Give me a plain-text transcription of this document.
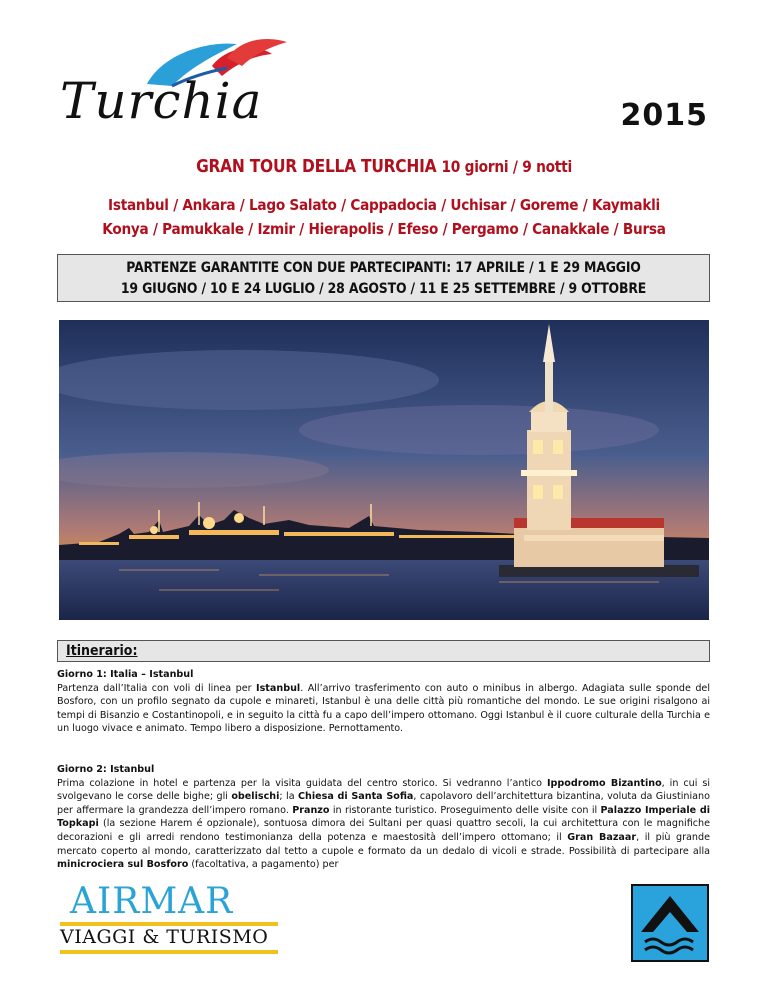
Turchia	2015
GRAN TOUR DELLA TURCHIA 10 giorni / 9 notti
Istanbul / Ankara / Lago Salato / Cappadocia / Uchisar / Goreme / Kaymakli
Konya / Pamukkale / Izmir / Hierapolis / Efeso / Pergamo / Canakkale / Bursa
PARTENZE GARANTITE CON DUE PARTECIPANTI: 17 APRILE / 1 E 29 MAGGIO
19 GIUGNO / 10 E 24 LUGLIO / 28 AGOSTO / 11 E 25 SETTEMBRE / 9 OTTOBRE
Itinerario:
Giorno 1: Italia – Istanbul

Partenza dall’Italia con voli di linea per Istanbul. All’arrivo trasferimento con auto o minibus in albergo. Adagiata sulle sponde del Bosforo, con un profilo segnato da cupole e minareti, Istanbul è una delle città più romantiche del mondo. Le sue origini risalgono ai tempi di Bisanzio e Costantinopoli, e in seguito la città fu a capo dell’impero ottomano. Oggi Istanbul è il cuore culturale della Turchia e un luogo vivace e animato. Tempo libero a disposizione. Pernottamento.

Giorno 2: Istanbul

Prima colazione in hotel e partenza per la visita guidata del centro storico. Si vedranno l’antico Ippodromo Bizantino, in cui si svolgevano le corse delle bighe; gli obelischi; la Chiesa di Santa Sofia, capolavoro dell’architettura bizantina, voluta da Giustiniano per affermare la grandezza dell’impero romano. Pranzo in ristorante turistico. Proseguimento delle visite con il Palazzo Imperiale di Topkapi (la sezione Harem é opzionale), sontuosa dimora dei Sultani per quasi quattro secoli, la cui architettura con le magnifiche decorazioni e gli arredi rendono testimonianza della potenza e maestosità dell’impero ottomano; il Gran Bazaar, il più grande mercato coperto al mondo, caratterizzato dal tetto a cupole e formato da un dedalo di vicoli e strade. Possibilità di partecipare alla minicrociera sul Bosforo (facoltativa, a pagamento) per

AIRMAR
VIAGGI & TURISMO
